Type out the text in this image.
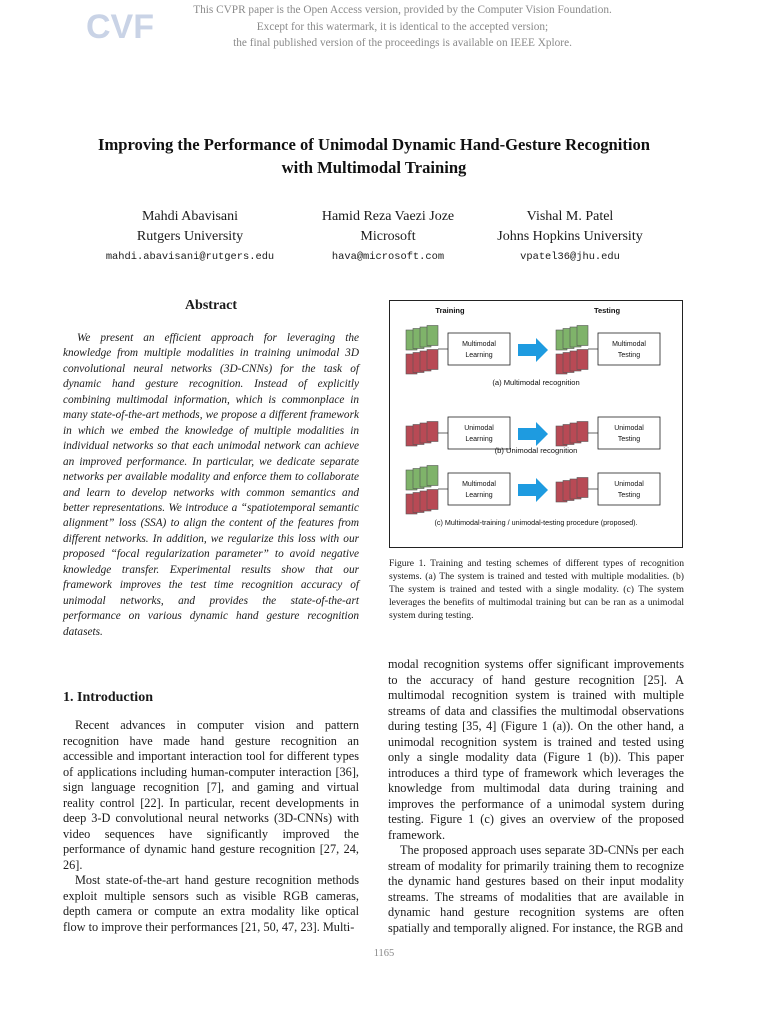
CVF	This CVPR paper is the Open Access version, provided by the Computer Vision Foundation.
Except for this watermark, it is identical to the accepted version;
the final published version of the proceedings is available on IEEE Xplore.
Improving the Performance of Unimodal Dynamic Hand-Gesture Recognition
with Multimodal Training
Mahdi Abavisani
Rutgers University
mahdi.abavisani@rutgers.edu
Hamid Reza Vaezi Joze
Microsoft
hava@microsoft.com
Vishal M. Patel
Johns Hopkins University
vpatel36@jhu.edu
Abstract

We present an efficient approach for leveraging the knowledge from multiple modalities in training unimodal 3D convolutional neural networks (3D-CNNs) for the task of dynamic hand gesture recognition. Instead of explicitly combining multimodal information, which is commonplace in many state-of-the-art methods, we propose a different framework in which we embed the knowledge of multiple modalities in individual networks so that each unimodal network can achieve an improved performance. In particular, we dedicate separate networks per available modality and enforce them to collaborate and learn to develop networks with common semantics and better representations. We introduce a “spatiotemporal semantic alignment” loss (SSA) to align the content of the features from different networks. In addition, we regularize this loss with our proposed “focal regularization parameter” to avoid negative knowledge transfer. Experimental results show that our framework improves the test time recognition accuracy of unimodal networks, and provides the state-of-the-art performance on various dynamic hand gesture recognition datasets.

1. Introduction

Recent advances in computer vision and pattern recognition have made hand gesture recognition an accessible and important interaction tool for different types of applications including human-computer interaction [36], sign language recognition [7], and gaming and virtual reality control [22]. In particular, recent developments in deep 3-D convolutional neural networks (3D-CNNs) with video sequences have significantly improved the performance of dynamic hand gesture recognition [27, 24, 26].

Most state-of-the-art hand gesture recognition methods exploit multiple sensors such as visible RGB cameras, depth camera or compute an extra modality like optical flow to improve their performances [21, 50, 47, 23]. Multi-

modal recognition systems offer significant improvements to the accuracy of hand gesture recognition [25]. A multimodal recognition system is trained with multiple streams of data and classifies the multimodal observations during testing [35, 4] (Figure 1 (a)). On the other hand, a unimodal recognition system is trained and tested using only a single modality data (Figure 1 (b)). This paper introduces a third type of framework which leverages the knowledge from multimodal data during training and improves the performance of a unimodal system during testing. Figure 1 (c) gives an overview of the proposed framework.

The proposed approach uses separate 3D-CNNs per each stream of modality for primarily training them to recognize the dynamic hand gestures based on their input modality streams. The streams of modalities that are available in dynamic hand gesture recognition systems are often spatially and temporally aligned. For instance, the RGB and

Training	Testing
Multimodal
Learning
Multimodal
Testing
(a) Multimodal recognition
Unimodal
Learning
Unimodal
Testing
(b) Unimodal recognition
Multimodal
Learning
Unimodal
Testing
(c) Multimodal-training / unimodal-testing procedure (proposed).

Figure 1. Training and testing schemes of different types of recognition systems. (a) The system is trained and tested with multiple modalities. (b) The system is trained and tested with a single modality. (c) The system leverages the benefits of multimodal training but can be ran as a unimodal system during testing.

1165
